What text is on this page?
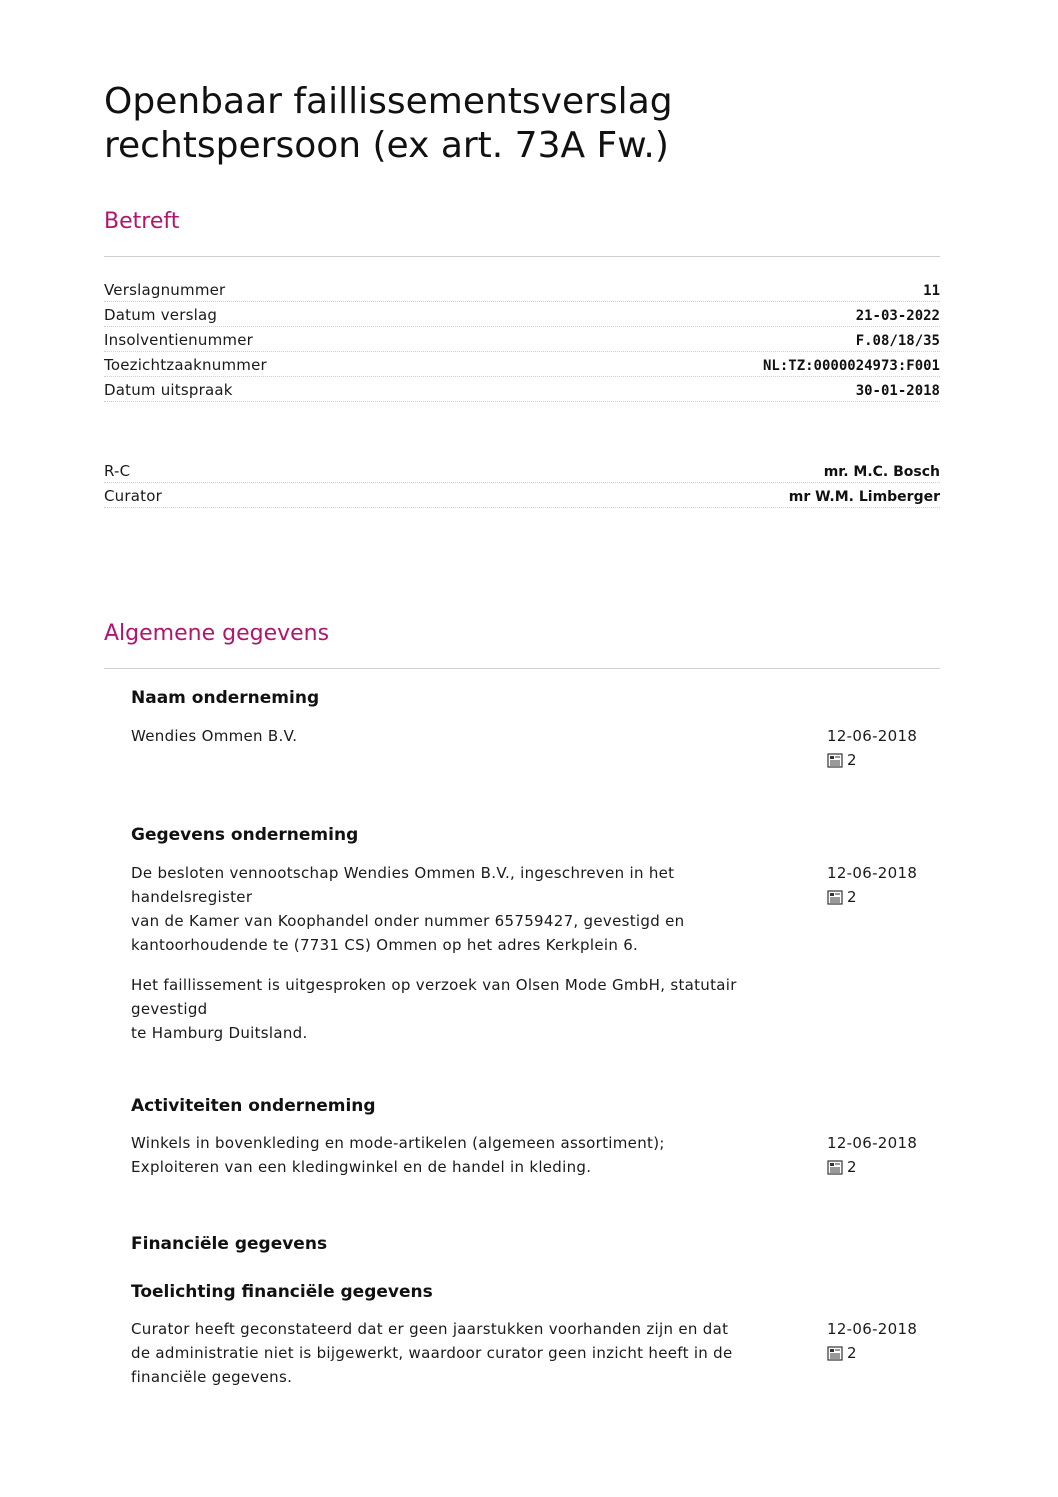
Openbaar faillissementsverslag
rechtspersoon (ex art. 73A Fw.)
Betreft
Verslagnummer	11
Datum verslag	21-03-2022
Insolventienummer	F.08/18/35
Toezichtzaaknummer	NL:TZ:0000024973:F001
Datum uitspraak	30-01-2018
R-C	mr. M.C. Bosch
Curator	mr W.M. Limberger
Algemene gegevens
Naam onderneming
Wendies Ommen B.V.	12-06-2018
2
Gegevens onderneming

De besloten vennootschap Wendies Ommen B.V., ingeschreven in het
handelsregister
van de Kamer van Koophandel onder nummer 65759427, gevestigd en
kantoorhoudende te (7731 CS) Ommen op het adres Kerkplein 6.

Het faillissement is uitgesproken op verzoek van Olsen Mode GmbH, statutair
gevestigd
te Hamburg Duitsland.

12-06-2018
2
Activiteiten onderneming
Winkels in bovenkleding en mode-artikelen (algemeen assortiment);
Exploiteren van een kledingwinkel en de handel in kleding.
12-06-2018
2
Financiële gegevens
Toelichting financiële gegevens
Curator heeft geconstateerd dat er geen jaarstukken voorhanden zijn en dat
de administratie niet is bijgewerkt, waardoor curator geen inzicht heeft in de
financiële gegevens.
12-06-2018
2
